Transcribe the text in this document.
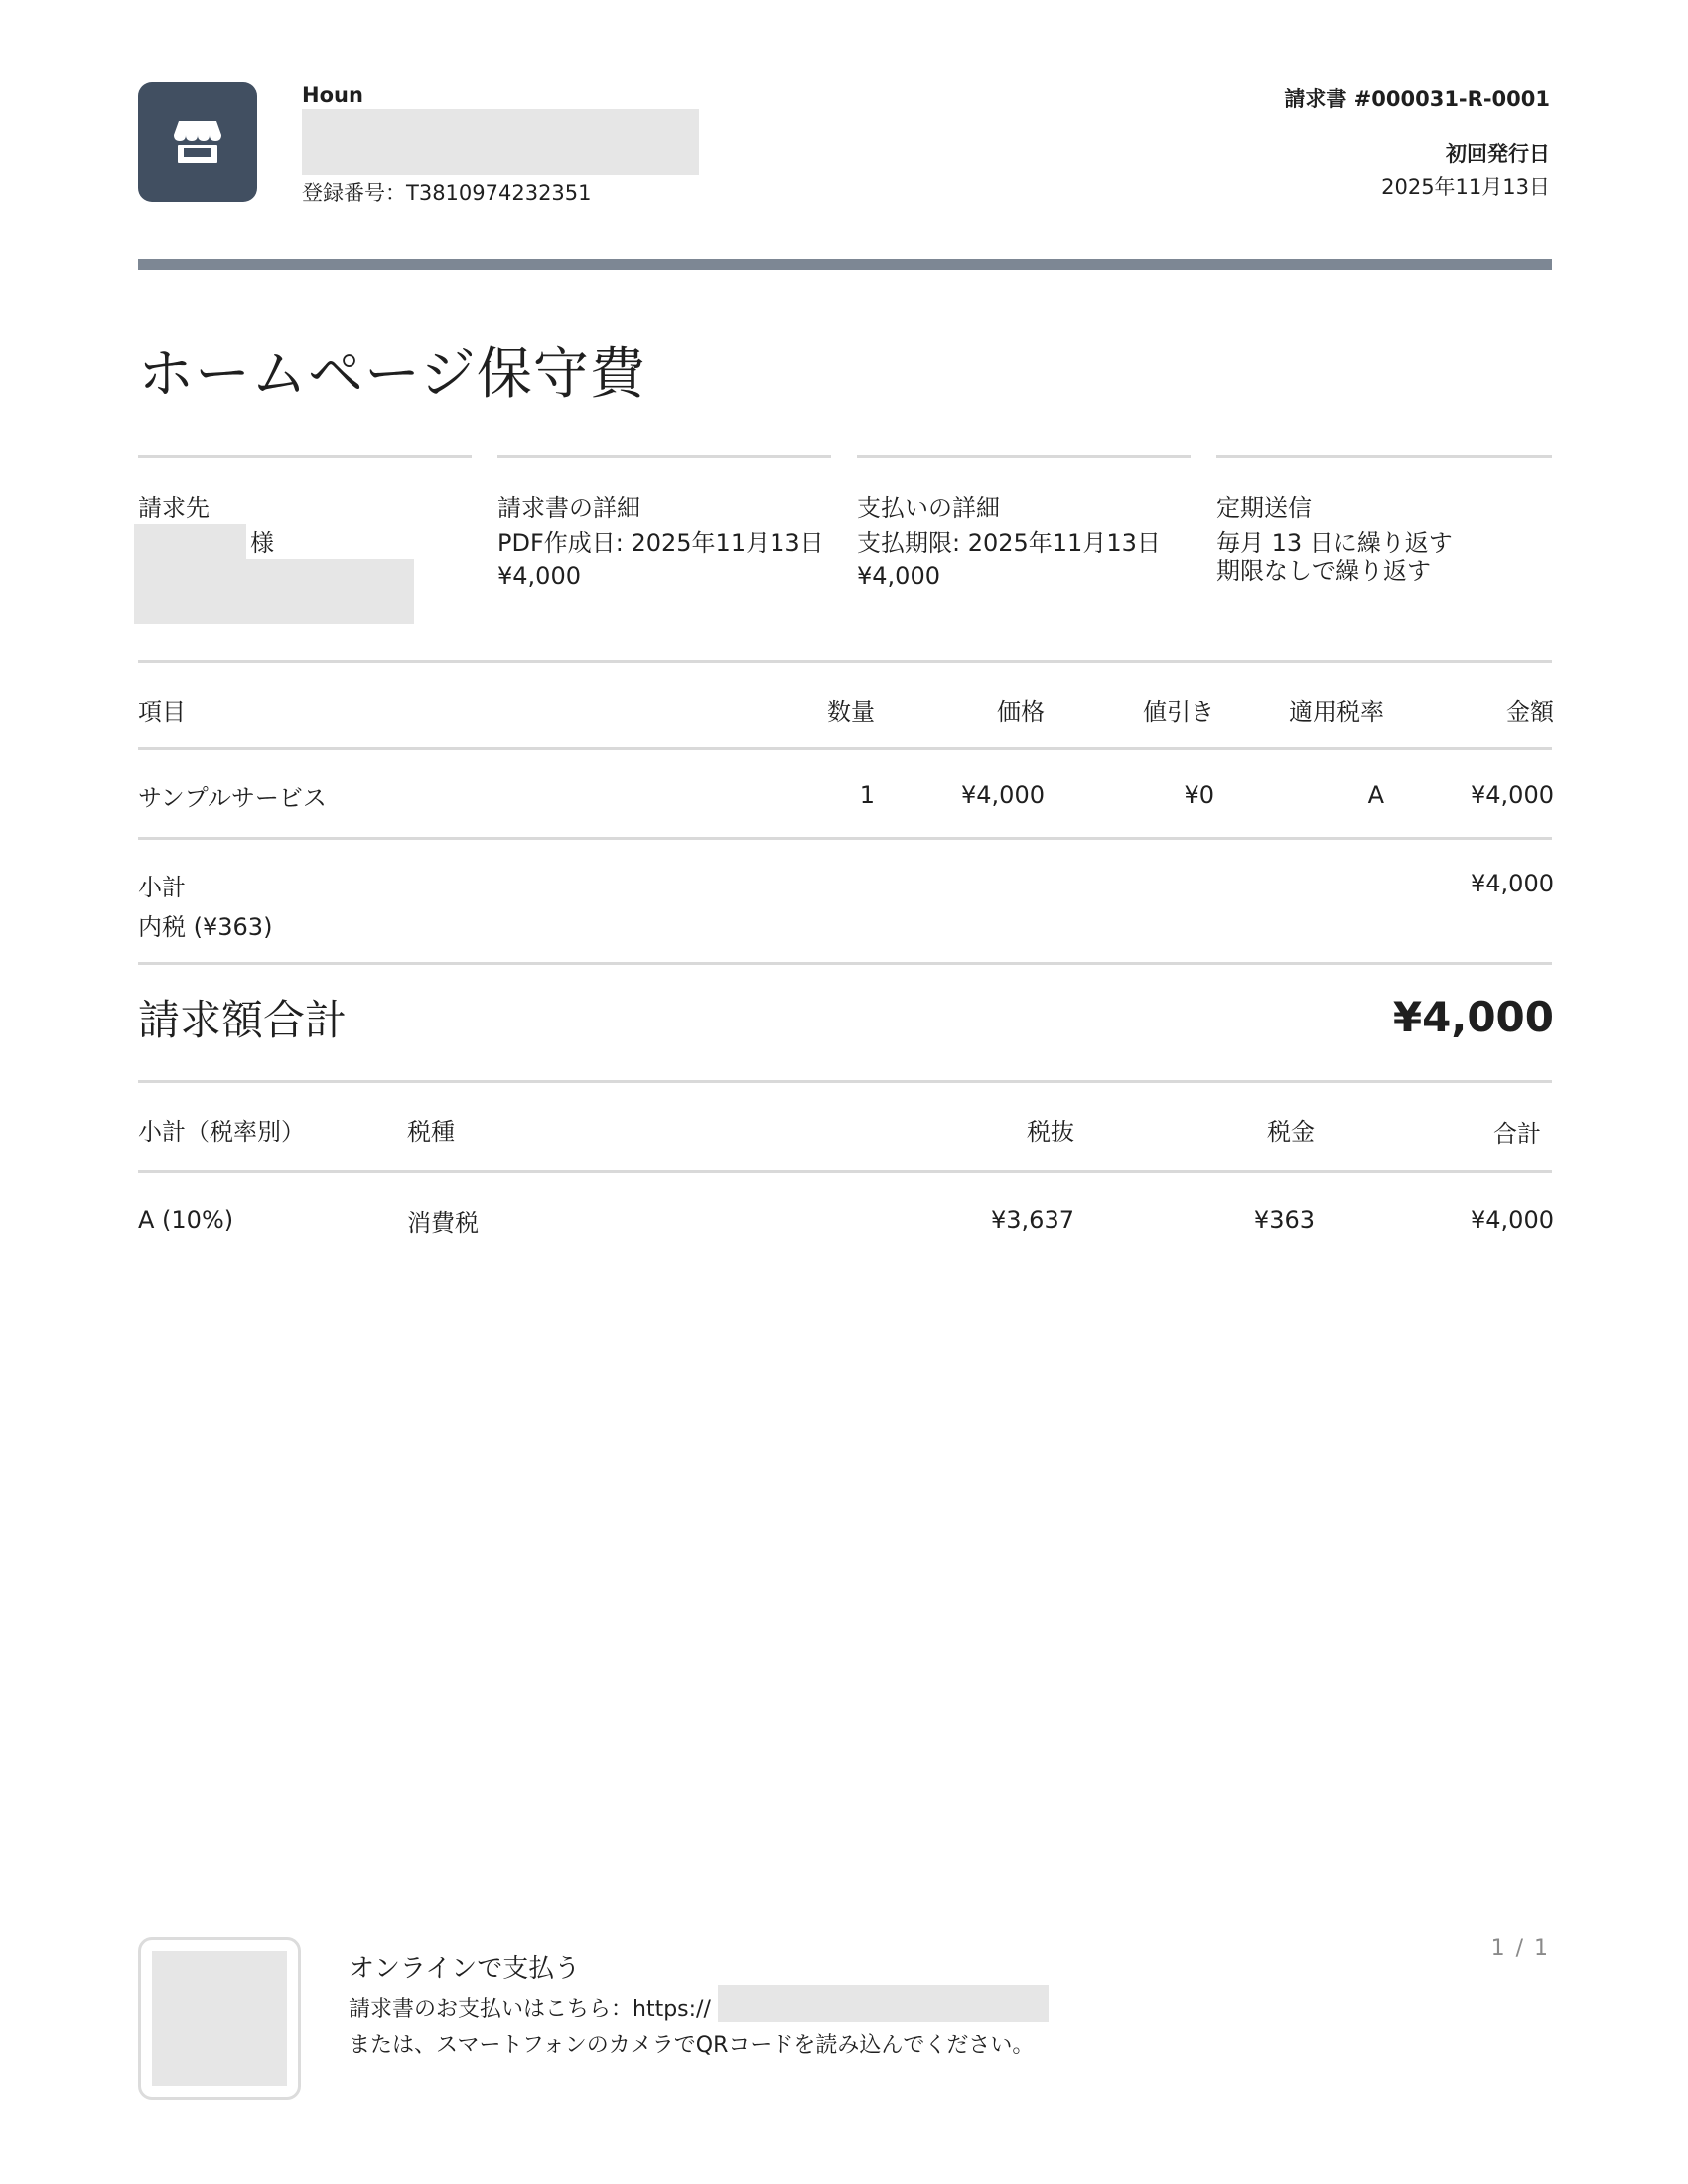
Houn
登録番号：T3810974232351
請求書 #000031-R-0001
初回発行日
2025年11月13日
ホームページ保守費
請求先
様
請求書の詳細
PDF作成日: 2025年11月13日
¥4,000
支払いの詳細
支払期限: 2025年11月13日
¥4,000
定期送信
毎月 13 日に繰り返す
期限なしで繰り返す
項目	数量	価格	値引き	適用税率	金額
サンプルサービス	1	¥4,000	¥0	A	¥4,000
小計	¥4,000
内税 (¥363)
請求額合計	¥4,000
小計（税率別）	税種	税抜	税金	合計
A (10%)	消費税	¥3,637	¥363	¥4,000
オンラインで支払う
請求書のお支払いはこちら：https://
または、スマートフォンのカメラでQRコードを読み込んでください。
1 / 1
